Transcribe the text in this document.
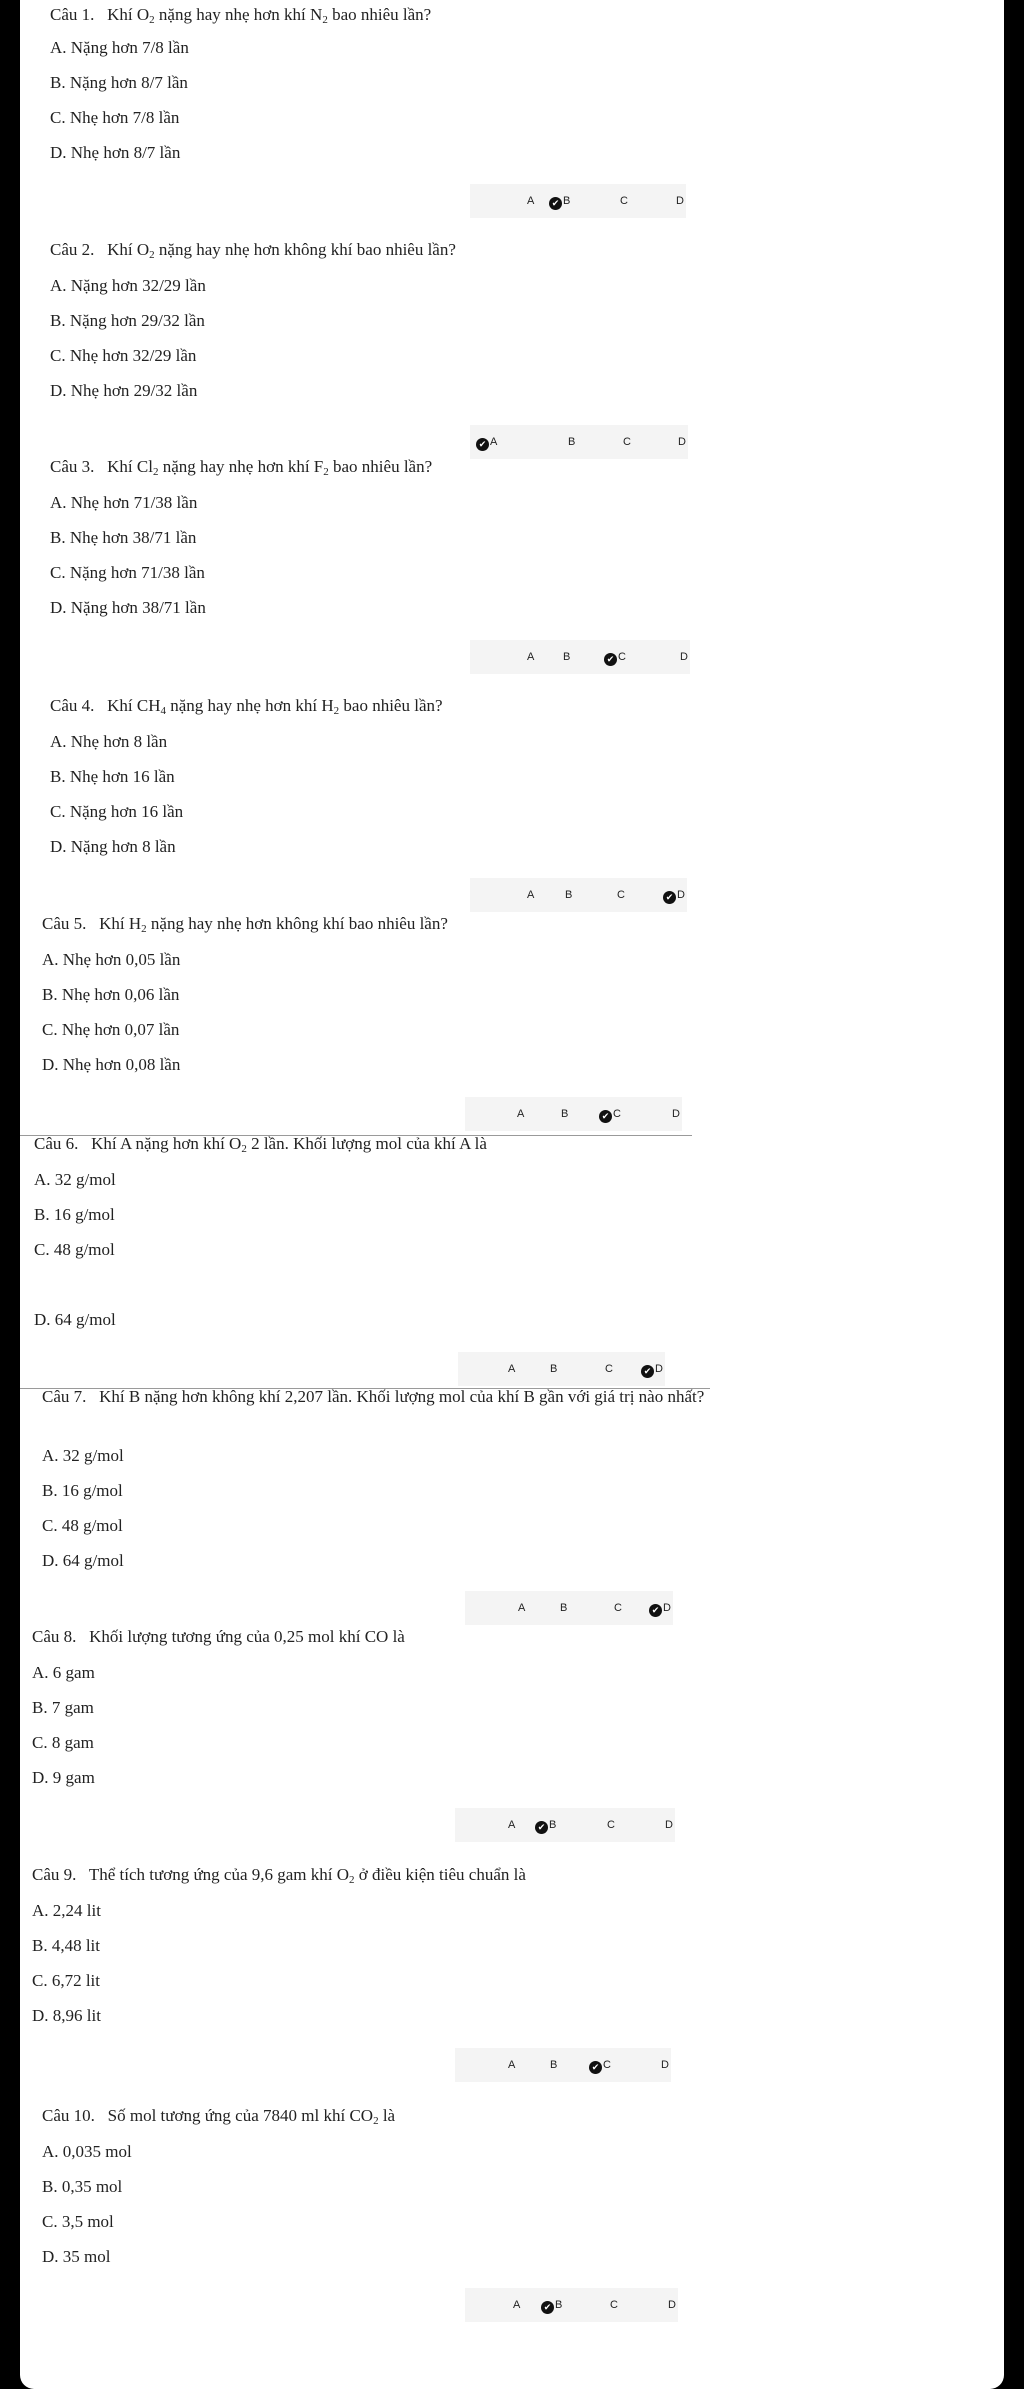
Câu 1. Khí $O_2$ nặng hay nhẹ hơn khí $N_2$ bao nhiêu lần?
A. Nặng hơn 7/8 lần
B. Nặng hơn 8/7 lần
C. Nhẹ hơn 7/8 lần
D. Nhẹ hơn 8/7 lần
A	✔ B	C	D
Câu 2. Khí $O_2$ nặng hay nhẹ hơn không khí bao nhiêu lần?
A. Nặng hơn 32/29 lần
B. Nặng hơn 29/32 lần
C. Nhẹ hơn 32/29 lần
D. Nhẹ hơn 29/32 lần
✔ A	B	C	D
Câu 3. Khí $Cl_2$ nặng hay nhẹ hơn khí $F_2$ bao nhiêu lần?
A. Nhẹ hơn 71/38 lần
B. Nhẹ hơn 38/71 lần
C. Nặng hơn 71/38 lần
D. Nặng hơn 38/71 lần
A	B	✔ C	D
Câu 4. Khí $CH_4$ nặng hay nhẹ hơn khí $H_2$ bao nhiêu lần?
A. Nhẹ hơn 8 lần
B. Nhẹ hơn 16 lần
C. Nặng hơn 16 lần
D. Nặng hơn 8 lần
A	B	C	✔ D
Câu 5. Khí $H_2$ nặng hay nhẹ hơn không khí bao nhiêu lần?
A. Nhẹ hơn 0,05 lần
B. Nhẹ hơn 0,06 lần
C. Nhẹ hơn 0,07 lần
D. Nhẹ hơn 0,08 lần
A	B	✔ C	D
Câu 6. Khí A nặng hơn khí $O_2$ 2 lần. Khối lượng mol của khí A là
A. 32 g/mol
B. 16 g/mol
C. 48 g/mol
D. 64 g/mol
A	B	C	✔ D
Câu 7. Khí B nặng hơn không khí 2,207 lần. Khối lượng mol của khí B gần với giá trị nào nhất?
A. 32 g/mol
B. 16 g/mol
C. 48 g/mol
D. 64 g/mol
A	B	C	✔ D
Câu 8. Khối lượng tương ứng của 0,25 mol khí CO là
A. 6 gam
B. 7 gam
C. 8 gam
D. 9 gam
A	✔ B	C	D
Câu 9. Thể tích tương ứng của 9,6 gam khí $O_2$ ở điều kiện tiêu chuẩn là
A. 2,24 lit
B. 4,48 lit
C. 6,72 lit
D. 8,96 lit
A	B	✔ C	D
Câu 10. Số mol tương ứng của 7840 ml khí $CO_2$ là
A. 0,035 mol
B. 0,35 mol
C. 3,5 mol
D. 35 mol
A	✔ B	C	D
